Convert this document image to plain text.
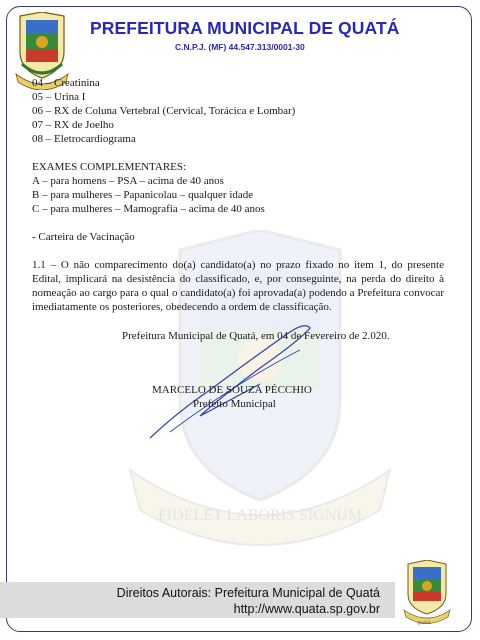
PREFEITURA MUNICIPAL DE QUATÁ
C.N.P.J. (MF) 44.547.313/0001-30
FIDELET LABORIS SIGNUM

04 – Creatinina

05 – Urina I

06 – RX de Coluna Vertebral (Cervical, Torácica e Lombar)

07 – RX de Joelho

08 – Eletrocardiograma

EXAMES COMPLEMENTARES:

A – para homens – PSA – acima de 40 anos

B – para mulheres – Papanicolau – qualquer idade

C – para mulheres – Mamografia – acima de 40 anos

- Carteira de Vacinação

1.1 – O não comparecimento do(a) candidato(a) no prazo fixado no item 1, do presente Edital, implicará na desistência do classificado, e, por conseguinte, na perda do direito à nomeação ao cargo para o qual o candidato(a) foi aprovada(a) podendo a Prefeitura convocar imediatamente os posteriores, obedecendo a ordem de classificação.

Prefeitura Municipal de Quatá, em 04 de Fevereiro de 2.020.
MARCELO DE SOUZA PÉCCHIO
Prefeito Municipal
Direitos Autorais: Prefeitura Municipal de Quatá
http://www.quata.sp.gov.br
QUATÁ
